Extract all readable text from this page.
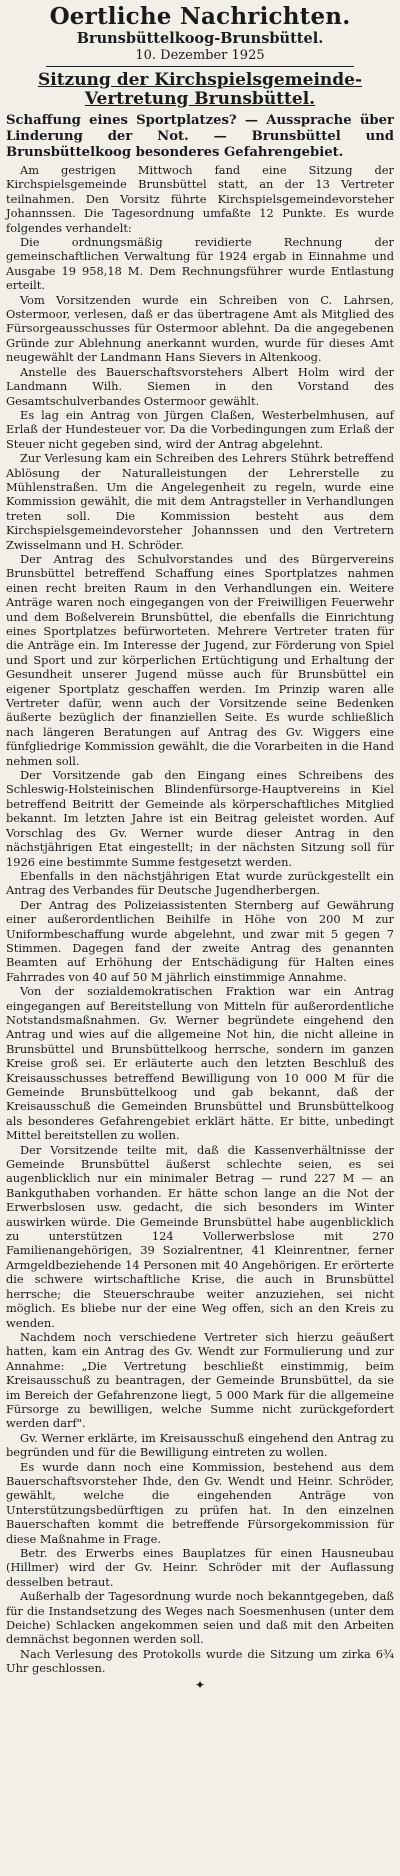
Oertliche Nachrichten.
Brunsbüttelkoog-Brunsbüttel.
10. Dezember 1925
Sitzung der Kirchspielsgemeinde-Vertretung Brunsbüttel.
Schaffung eines Sportplatzes? — Aussprache über Linderung der Not. — Brunsbüttel und Brunsbüttelkoog besonderes Gefahrengebiet.

Am gestrigen Mittwoch fand eine Sitzung der Kirchspielsgemeinde Brunsbüttel statt, an der 13 Vertreter teilnahmen. Den Vorsitz führte Kirchspielsgemeindevorsteher Johannssen. Die Tagesordnung umfaßte 12 Punkte. Es wurde folgendes verhandelt:

Die ordnungsmäßig revidierte Rechnung der gemeinschaftlichen Verwaltung für 1924 ergab in Einnahme und Ausgabe 19 958,18 M. Dem Rechnungsführer wurde Entlastung erteilt.

Vom Vorsitzenden wurde ein Schreiben von C. Lahrsen, Ostermoor, verlesen, daß er das übertragene Amt als Mitglied des Fürsorgeausschusses für Ostermoor ablehnt. Da die angegebenen Gründe zur Ablehnung anerkannt wurden, wurde für dieses Amt neugewählt der Landmann Hans Sievers in Altenkoog.

Anstelle des Bauerschaftsvorstehers Albert Holm wird der Landmann Wilh. Siemen in den Vorstand des Gesamtschulverbandes Ostermoor gewählt.

Es lag ein Antrag von Jürgen Claßen, Westerbelmhusen, auf Erlaß der Hundesteuer vor. Da die Vorbedingungen zum Erlaß der Steuer nicht gegeben sind, wird der Antrag abgelehnt.

Zur Verlesung kam ein Schreiben des Lehrers Stührk betreffend Ablösung der Naturalleistungen der Lehrerstelle zu Mühlenstraßen. Um die Angelegenheit zu regeln, wurde eine Kommission gewählt, die mit dem Antragsteller in Verhandlungen treten soll. Die Kommission besteht aus dem Kirchspielsgemeindevorsteher Johannssen und den Vertretern Zwisselmann und H. Schröder.

Der Antrag des Schulvorstandes und des Bürgervereins Brunsbüttel betreffend Schaffung eines Sportplatzes nahmen einen recht breiten Raum in den Verhandlungen ein. Weitere Anträge waren noch eingegangen von der Freiwilligen Feuerwehr und dem Boßelverein Brunsbüttel, die ebenfalls die Einrichtung eines Sportplatzes befürworteten. Mehrere Vertreter traten für die Anträge ein. Im Interesse der Jugend, zur Förderung von Spiel und Sport und zur körperlichen Ertüchtigung und Erhaltung der Gesundheit unserer Jugend müsse auch für Brunsbüttel ein eigener Sportplatz geschaffen werden. Im Prinzip waren alle Vertreter dafür, wenn auch der Vorsitzende seine Bedenken äußerte bezüglich der finanziellen Seite. Es wurde schließlich nach längeren Beratungen auf Antrag des Gv. Wiggers eine fünfgliedrige Kommission gewählt, die die Vorarbeiten in die Hand nehmen soll.

Der Vorsitzende gab den Eingang eines Schreibens des Schleswig-Holsteinischen Blindenfürsorge-Hauptvereins in Kiel betreffend Beitritt der Gemeinde als körperschaftliches Mitglied bekannt. Im letzten Jahre ist ein Beitrag geleistet worden. Auf Vorschlag des Gv. Werner wurde dieser Antrag in den nächstjährigen Etat eingestellt; in der nächsten Sitzung soll für 1926 eine bestimmte Summe festgesetzt werden.

Ebenfalls in den nächstjährigen Etat wurde zurückgestellt ein Antrag des Verbandes für Deutsche Jugendherbergen.

Der Antrag des Polizeiassistenten Sternberg auf Gewährung einer außerordentlichen Beihilfe in Höhe von 200 M zur Uniformbeschaffung wurde abgelehnt, und zwar mit 5 gegen 7 Stimmen. Dagegen fand der zweite Antrag des genannten Beamten auf Erhöhung der Entschädigung für Halten eines Fahrrades von 40 auf 50 M jährlich einstimmige Annahme.

Von der sozialdemokratischen Fraktion war ein Antrag eingegangen auf Bereitstellung von Mitteln für außerordentliche Notstandsmaßnahmen. Gv. Werner begründete eingehend den Antrag und wies auf die allgemeine Not hin, die nicht alleine in Brunsbüttel und Brunsbüttelkoog herrsche, sondern im ganzen Kreise groß sei. Er erläuterte auch den letzten Beschluß des Kreisausschusses betreffend Bewilligung von 10 000 M für die Gemeinde Brunsbüttelkoog und gab bekannt, daß der Kreisausschuß die Gemeinden Brunsbüttel und Brunsbüttelkoog als besonderes Gefahrengebiet erklärt hätte. Er bitte, unbedingt Mittel bereitstellen zu wollen.

Der Vorsitzende teilte mit, daß die Kassenverhältnisse der Gemeinde Brunsbüttel äußerst schlechte seien, es sei augenblicklich nur ein minimaler Betrag — rund 227 M — an Bankguthaben vorhanden. Er hätte schon lange an die Not der Erwerbslosen usw. gedacht, die sich besonders im Winter auswirken würde. Die Gemeinde Brunsbüttel habe augenblicklich zu unterstützen 124 Vollerwerbslose mit 270 Familienangehörigen, 39 Sozialrentner, 41 Kleinrentner, ferner Armgeldbeziehende 14 Personen mit 40 Angehörigen. Er erörterte die schwere wirtschaftliche Krise, die auch in Brunsbüttel herrsche; die Steuerschraube weiter anzuziehen, sei nicht möglich. Es bliebe nur der eine Weg offen, sich an den Kreis zu wenden.

Nachdem noch verschiedene Vertreter sich hierzu geäußert hatten, kam ein Antrag des Gv. Wendt zur Formulierung und zur Annahme: „Die Vertretung beschließt einstimmig, beim Kreisausschuß zu beantragen, der Gemeinde Brunsbüttel, da sie im Bereich der Gefahrenzone liegt, 5 000 Mark für die allgemeine Fürsorge zu bewilligen, welche Summe nicht zurückgefordert werden darf".

Gv. Werner erklärte, im Kreisausschuß eingehend den Antrag zu begründen und für die Bewilligung eintreten zu wollen.

Es wurde dann noch eine Kommission, bestehend aus dem Bauerschaftsvorsteher Ihde, den Gv. Wendt und Heinr. Schröder, gewählt, welche die eingehenden Anträge von Unterstützungsbedürftigen zu prüfen hat. In den einzelnen Bauerschaften kommt die betreffende Fürsorgekommission für diese Maßnahme in Frage.

Betr. des Erwerbs eines Bauplatzes für einen Hausneubau (Hillmer) wird der Gv. Heinr. Schröder mit der Auflassung desselben betraut.

Außerhalb der Tagesordnung wurde noch bekanntgegeben, daß für die Instandsetzung des Weges nach Soesmenhusen (unter dem Deiche) Schlacken angekommen seien und daß mit den Arbeiten demnächst begonnen werden soll.

Nach Verlesung des Protokolls wurde die Sitzung um zirka 6¾ Uhr geschlossen.

✦
